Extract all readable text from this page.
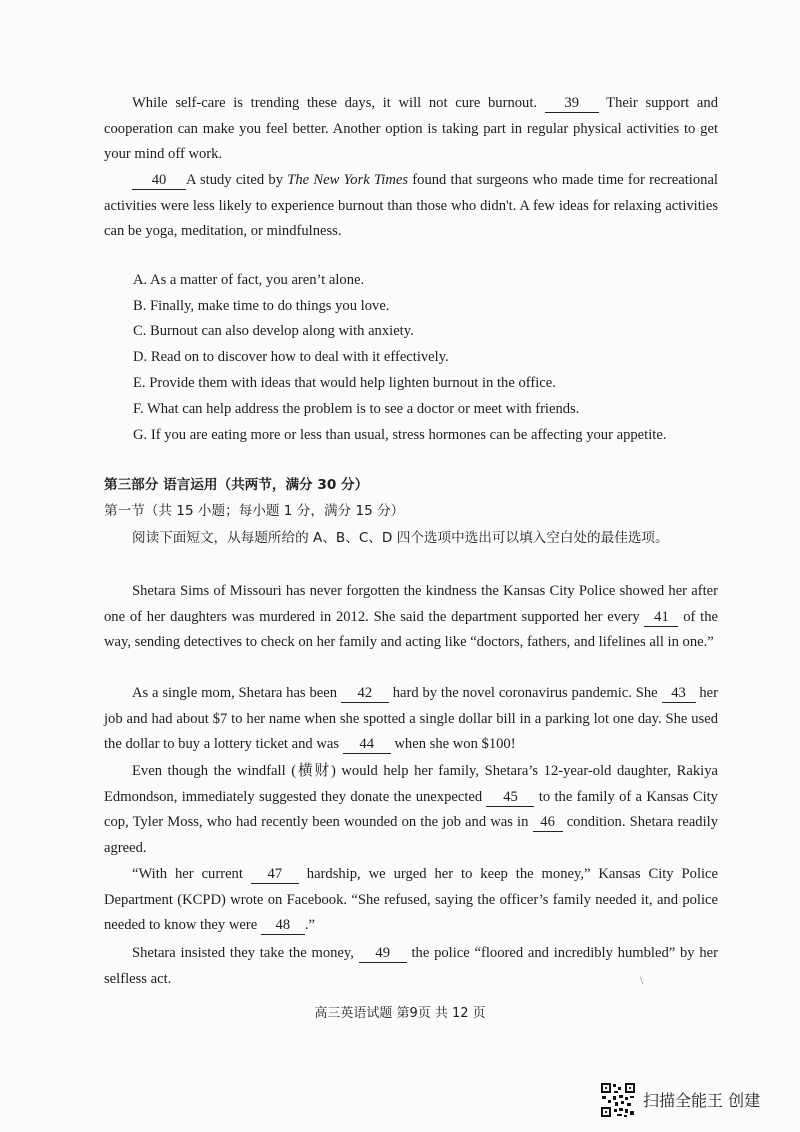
While self-care is trending these days, it will not cure burnout. 39 Their support and cooperation can make you feel better. Another option is taking part in regular physical activities to get your mind off work.
40 A study cited by The New York Times found that surgeons who made time for recreational activities were less likely to experience burnout than those who didn't. A few ideas for relaxing activities can be yoga, meditation, or mindfulness.
A. As a matter of fact, you aren’t alone.
B. Finally, make time to do things you love.
C. Burnout can also develop along with anxiety.
D. Read on to discover how to deal with it effectively.
E. Provide them with ideas that would help lighten burnout in the office.
F. What can help address the problem is to see a doctor or meet with friends.
G. If you are eating more or less than usual, stress hormones can be affecting your appetite.
第三部分 语言运用（共两节，满分 30 分）
第一节（共 15 小题；每小题 1 分，满分 15 分）
阅读下面短文，从每题所给的 A、B、C、D 四个选项中选出可以填入空白处的最佳选项。
Shetara Sims of Missouri has never forgotten the kindness the Kansas City Police showed her after one of her daughters was murdered in 2012. She said the department supported her every 41 of the way, sending detectives to check on her family and acting like “doctors, fathers, and lifelines all in one.”
As a single mom, Shetara has been 42 hard by the novel coronavirus pandemic. She 43 her job and had about $7 to her name when she spotted a single dollar bill in a parking lot one day. She used the dollar to buy a lottery ticket and was 44 when she won $100!
Even though the windfall (横财) would help her family, Shetara’s 12-year-old daughter, Rakiya Edmondson, immediately suggested they donate the unexpected 45 to the family of a Kansas City cop, Tyler Moss, who had recently been wounded on the job and was in 46 condition. Shetara readily agreed.
“With her current 47 hardship, we urged her to keep the money,” Kansas City Police Department (KCPD) wrote on Facebook. “She refused, saying the officer’s family needed it, and police needed to know they were 48 .”
Shetara insisted they take the money, 49 the police “floored and incredibly humbled” by her selfless act.	\
高三英语试题 第9页 共 12 页
扫描全能王 创建
